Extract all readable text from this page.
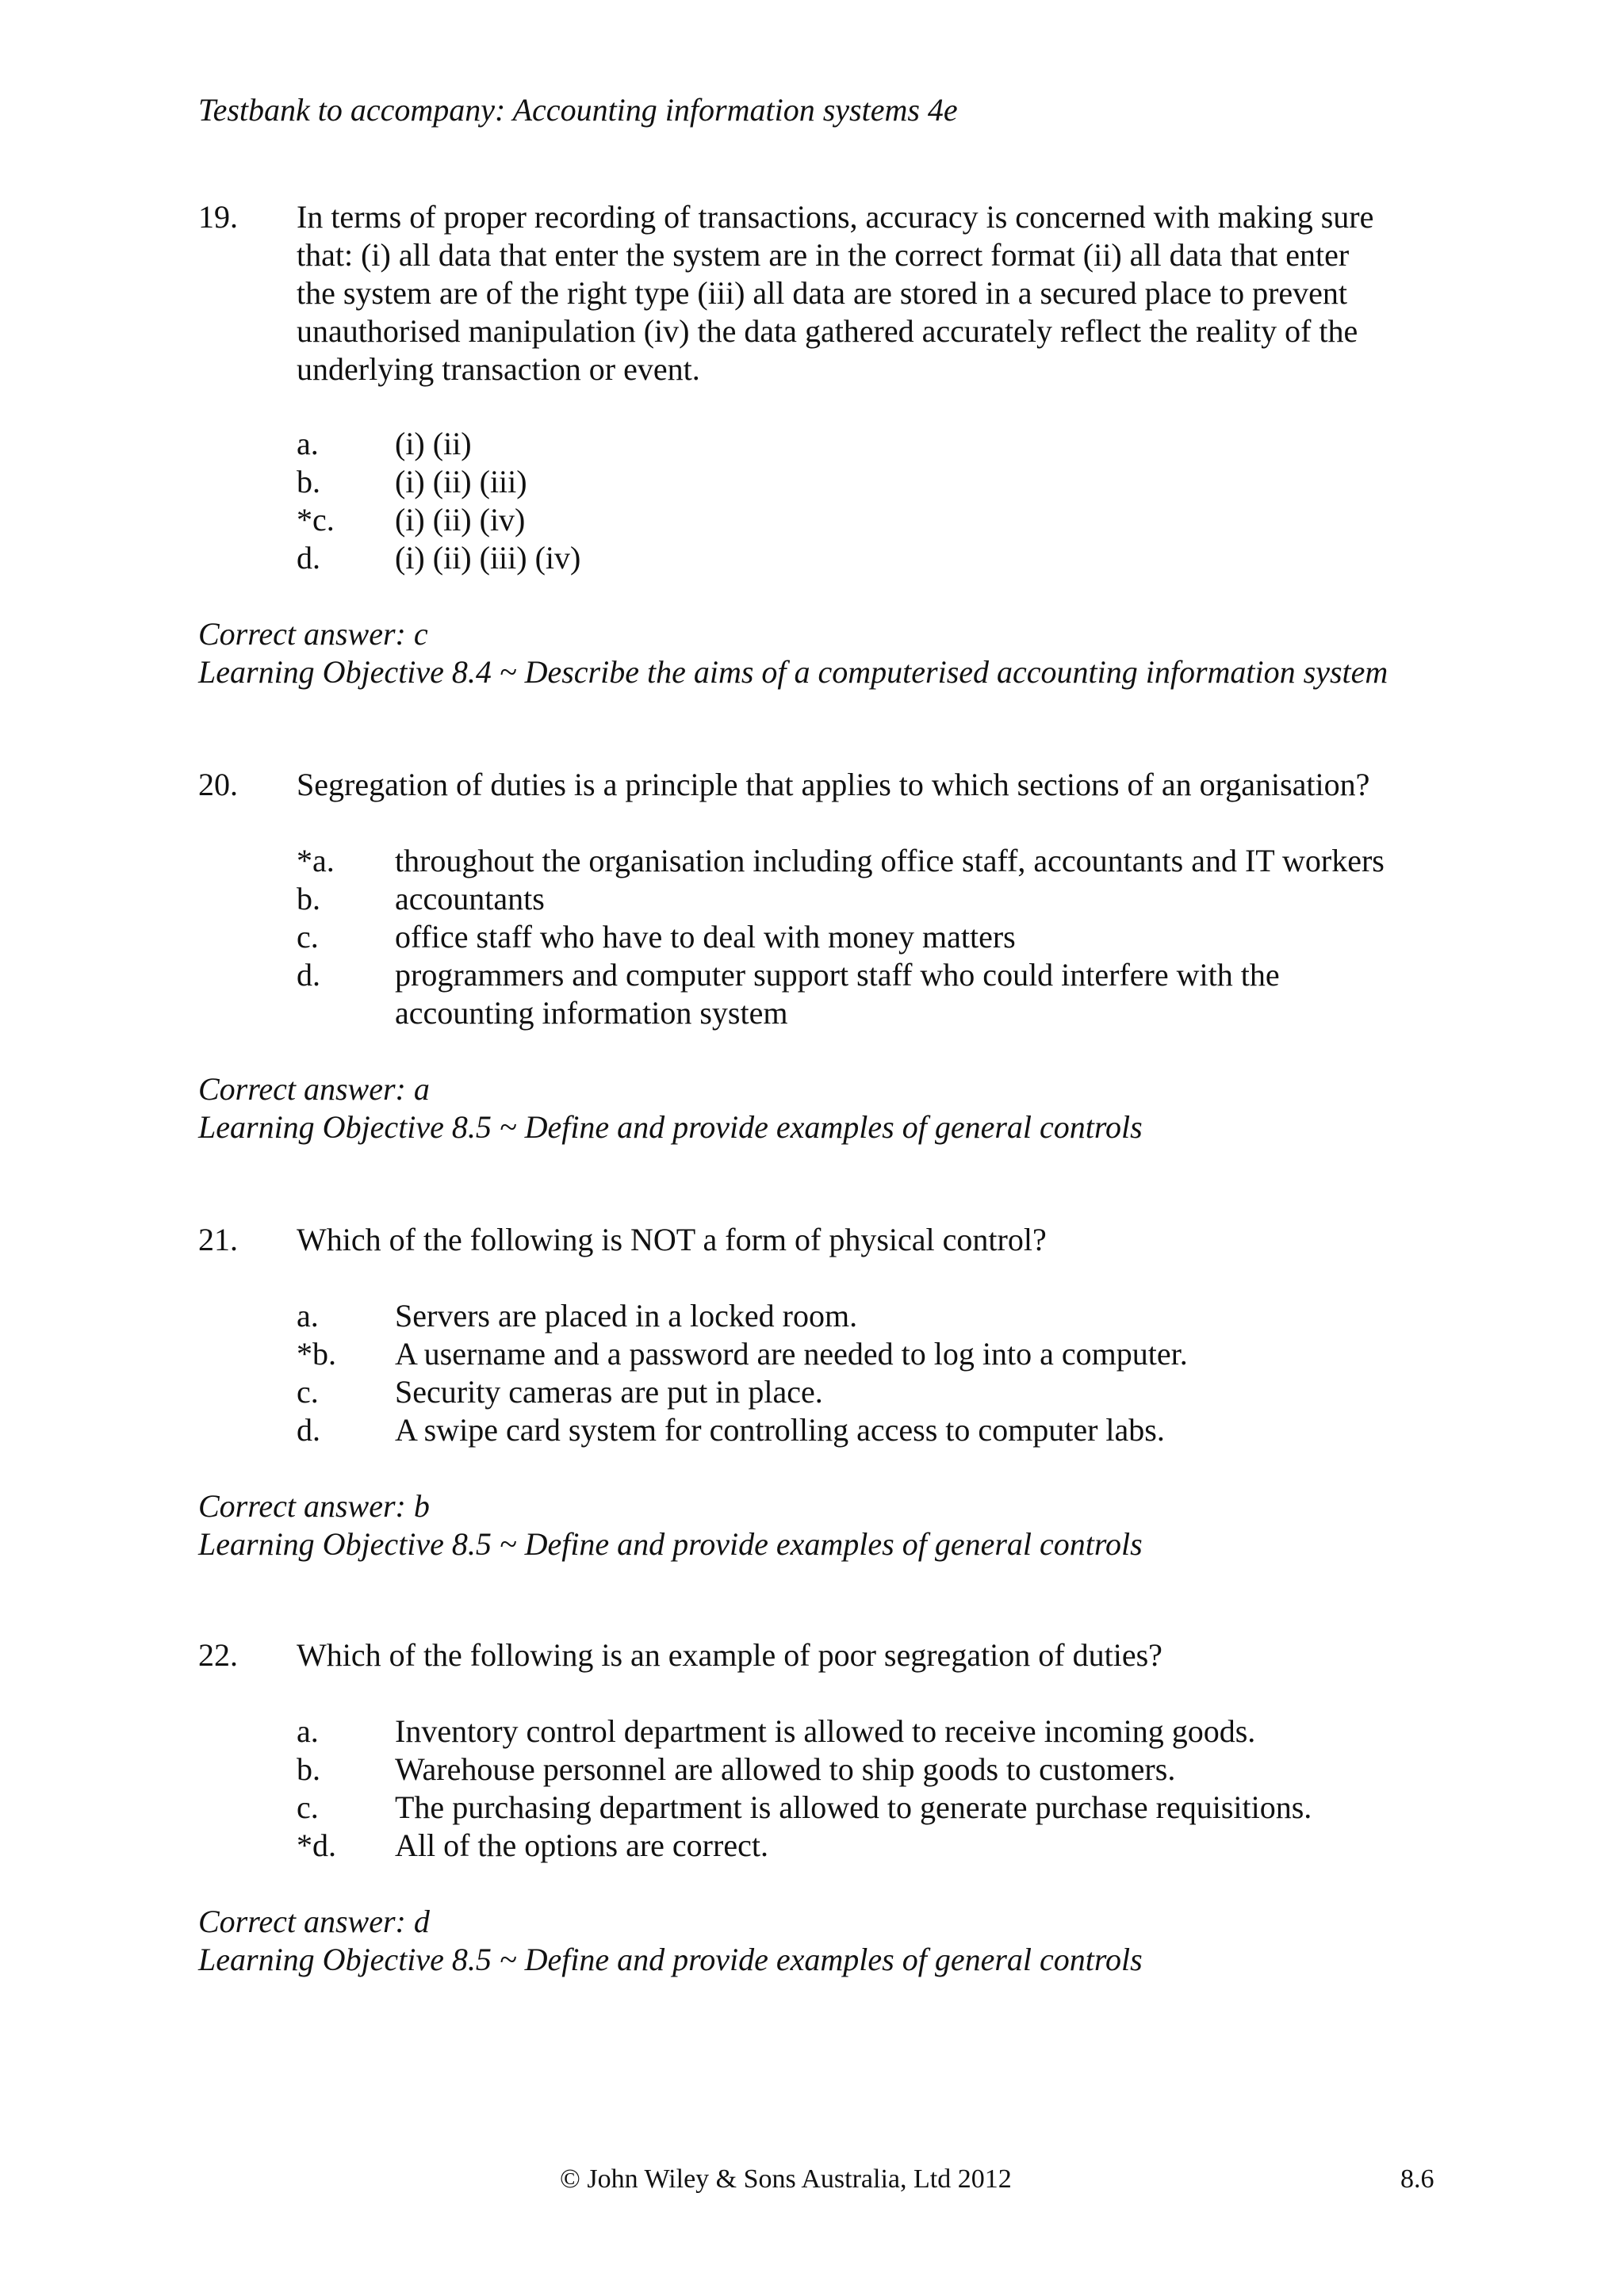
Testbank to accompany: Accounting information systems 4e
19. In terms of proper recording of transactions, accuracy is concerned with making sure
that: (i) all data that enter the system are in the correct format (ii) all data that enter
the system are of the right type (iii) all data are stored in a secured place to prevent
unauthorised manipulation (iv) the data gathered accurately reflect the reality of the
underlying transaction or event.
a. (i) (ii)
b. (i) (ii) (iii)
*c. (i) (ii) (iv)
d. (i) (ii) (iii) (iv)
Correct answer: c
Learning Objective 8.4 ~ Describe the aims of a computerised accounting information system
20. Segregation of duties is a principle that applies to which sections of an organisation?
*a. throughout the organisation including office staff, accountants and IT workers
b. accountants
c. office staff who have to deal with money matters
d. programmers and computer support staff who could interfere with the
accounting information system
Correct answer: a
Learning Objective 8.5 ~ Define and provide examples of general controls
21. Which of the following is NOT a form of physical control?
a. Servers are placed in a locked room.
*b. A username and a password are needed to log into a computer.
c. Security cameras are put in place.
d. A swipe card system for controlling access to computer labs.
Correct answer: b
Learning Objective 8.5 ~ Define and provide examples of general controls
22. Which of the following is an example of poor segregation of duties?
a. Inventory control department is allowed to receive incoming goods.
b. Warehouse personnel are allowed to ship goods to customers.
c. The purchasing department is allowed to generate purchase requisitions.
*d. All of the options are correct.
Correct answer: d
Learning Objective 8.5 ~ Define and provide examples of general controls
© John Wiley & Sons Australia, Ltd 2012	8.6
